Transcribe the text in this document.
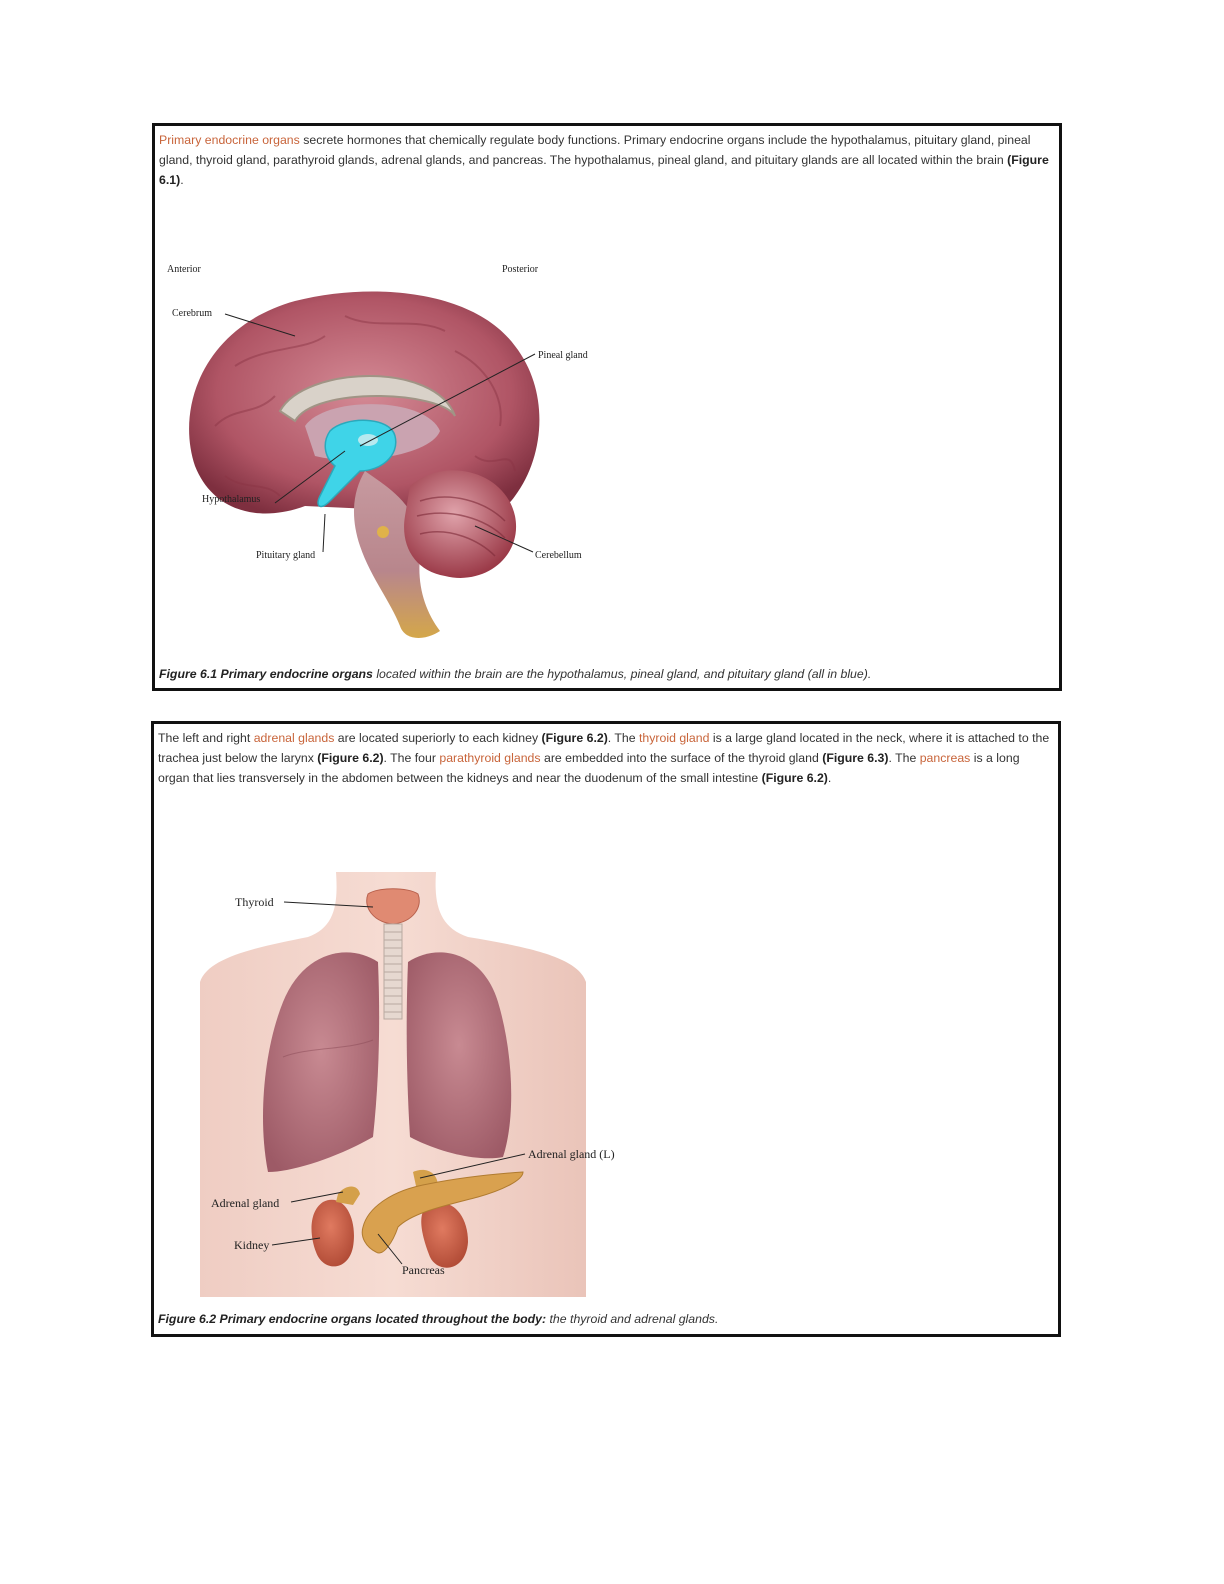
Primary endocrine organs secrete hormones that chemically regulate body functions. Primary endocrine organs include the hypothalamus, pituitary gland, pineal gland, thyroid gland, parathyroid glands, adrenal glands, and pancreas. The hypothalamus, pineal gland, and pituitary glands are all located within the brain (Figure 6.1).

Anterior	Posterior
Cerebrum
Pineal gland
Hypothalamus
Pituitary gland	Cerebellum

Figure 6.1 Primary endocrine organs located within the brain are the hypothalamus, pineal gland, and pituitary gland (all in blue).

The left and right adrenal glands are located superiorly to each kidney (Figure 6.2). The thyroid gland is a large gland located in the neck, where it is attached to the trachea just below the larynx (Figure 6.2). The four parathyroid glands are embedded into the surface of the thyroid gland (Figure 6.3). The pancreas is a long organ that lies transversely in the abdomen between the kidneys and near the duodenum of the small intestine (Figure 6.2).

Thyroid
Adrenal gland (L)
Adrenal gland
Kidney
Pancreas

Figure 6.2 Primary endocrine organs located throughout the body: the thyroid and adrenal glands.
